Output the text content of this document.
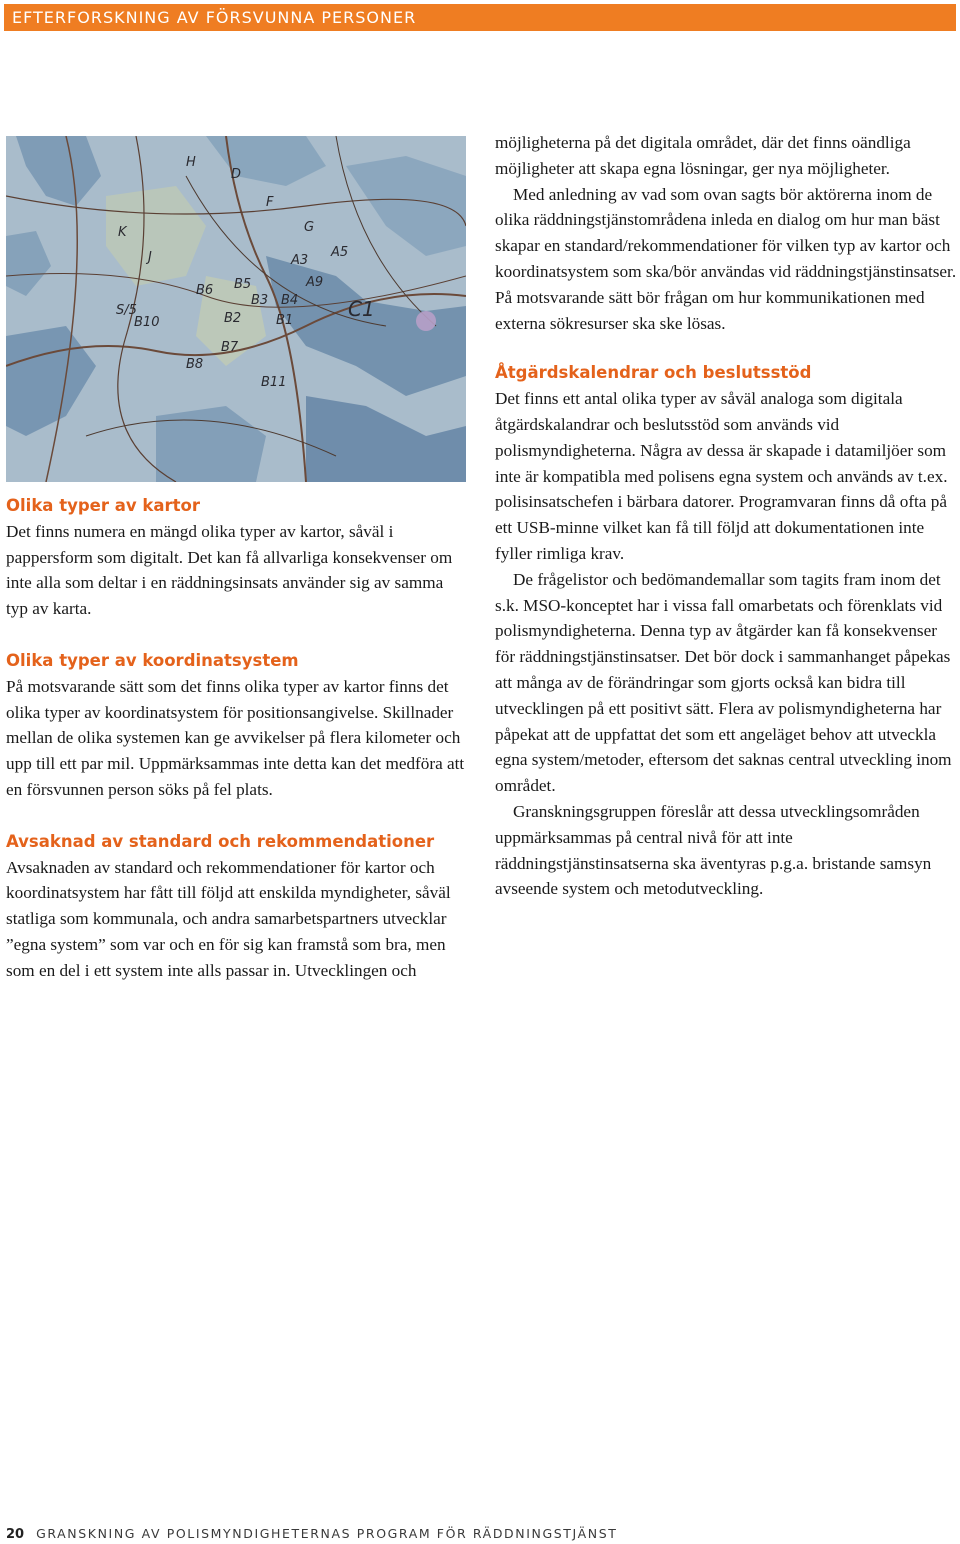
EFTERFORSKNING AV FÖRSVUNNA PERSONER
H
D
K
J
B6 B5
B3 B4
B2
B7
B11
B8
B10
C1
A5
A3
A9
F
G
S/5
B1
Olika typer av kartor

Det finns numera en mängd olika typer av kartor, såväl i pappersform som digitalt. Det kan få allvarliga konsekvenser om inte alla som deltar i en räddningsinsats använder sig av samma typ av karta.

Olika typer av koordinatsystem

På motsvarande sätt som det finns olika typer av kartor finns det olika typer av koordinatsystem för positionsangivelse. Skillnader mellan de olika systemen kan ge avvikelser på flera kilometer och upp till ett par mil. Uppmärksammas inte detta kan det medföra att en försvunnen person söks på fel plats.

Avsaknad av standard och rekommendationer

Avsaknaden av standard och rekommendationer för kartor och koordinatsystem har fått till följd att enskilda myndigheter, såväl statliga som kommunala, och andra samarbetspartners utvecklar ”egna system” som var och en för sig kan framstå som bra, men som en del i ett system inte alls passar in. Utvecklingen och

möjligheterna på det digitala området, där det finns oändliga möjligheter att skapa egna lösningar, ger nya möjligheter.

Med anledning av vad som ovan sagts bör aktörerna inom de olika räddningstjänstområdena inleda en dialog om hur man bäst skapar en standard/rekommendationer för vilken typ av kartor och koordinatsystem som ska/bör användas vid räddningstjänstinsatser. På motsvarande sätt bör frågan om hur kommunikationen med externa sökresurser ska ske lösas.

Åtgärdskalendrar och beslutsstöd

Det finns ett antal olika typer av såväl analoga som digitala åtgärdskalandrar och beslutsstöd som används vid polismyndigheterna. Några av dessa är skapade i datamiljöer som inte är kompatibla med polisens egna system och används av t.ex. polisinsatschefen i bärbara datorer. Programvaran finns då ofta på ett USB-minne vilket kan få till följd att dokumentationen inte fyller rimliga krav.

De frågelistor och bedömandemallar som tagits fram inom det s.k. MSO-konceptet har i vissa fall omarbetats och förenklats vid polismyndigheterna. Denna typ av åtgärder kan få konsekvenser för räddningstjänstinsatser. Det bör dock i sammanhanget påpekas att många av de förändringar som gjorts också kan bidra till utvecklingen på ett positivt sätt. Flera av polismyndigheterna har påpekat att de uppfattat det som ett angeläget behov att utveckla egna system/metoder, eftersom det saknas central utveckling inom området.

Granskningsgruppen föreslår att dessa utvecklingsområden uppmärksammas på central nivå för att inte räddningstjänstinsatserna ska äventyras p.g.a. bristande samsyn avseende system och metodutveckling.

20 GRANSKNING AV POLISMYNDIGHETERNAS PROGRAM FÖR RÄDDNINGSTJÄNST
